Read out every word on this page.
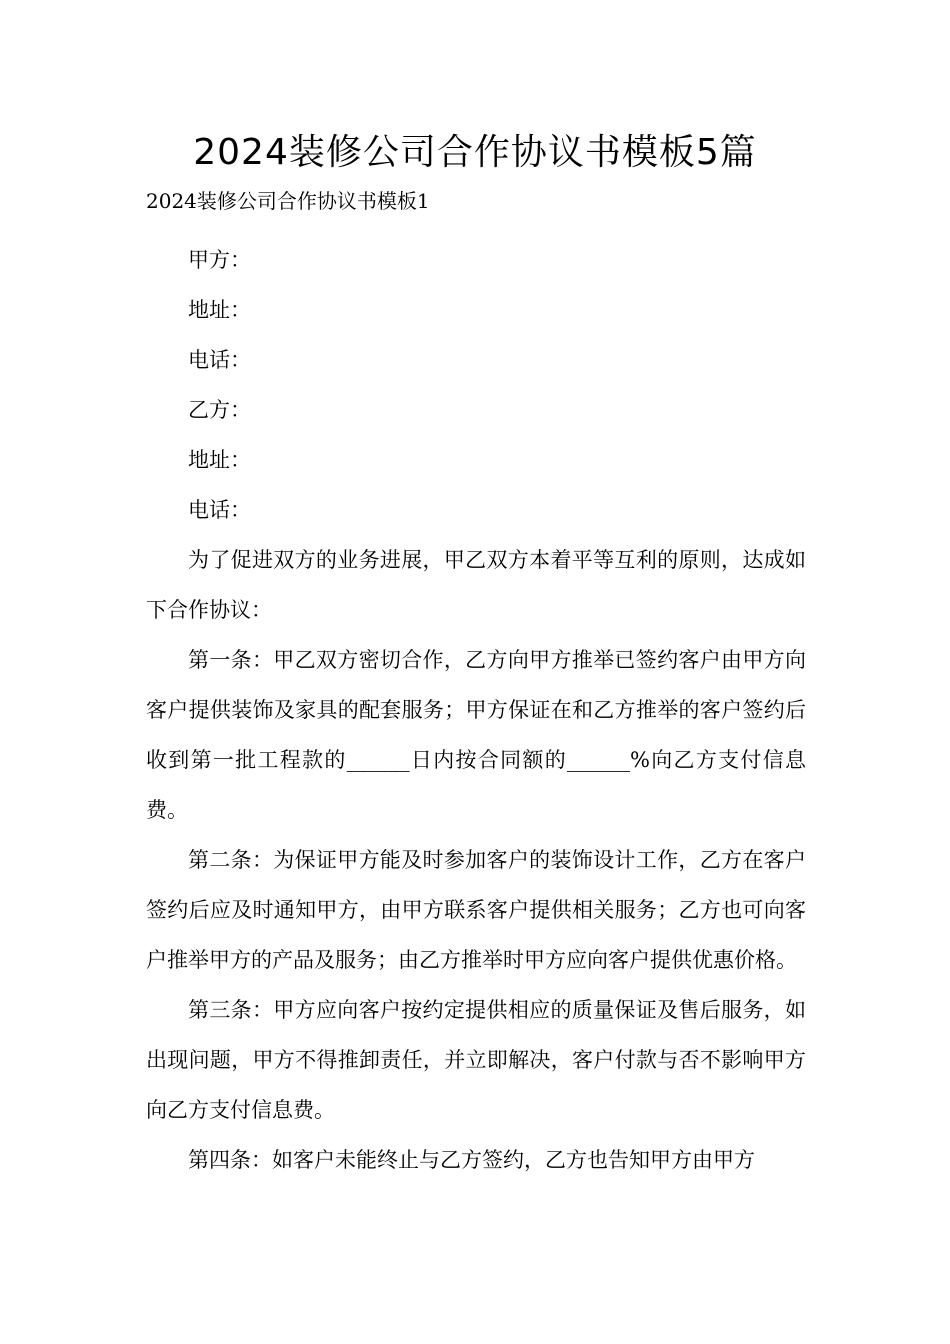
2024装修公司合作协议书模板5篇
2024装修公司合作协议书模板1

甲方：

地址：

电话：

乙方：

地址：

电话：

为了促进双方的业务进展，甲乙双方本着平等互利的原则，达成如下合作协议：

第一条：甲乙双方密切合作，乙方向甲方推举已签约客户由甲方向客户提供装饰及家具的配套服务；甲方保证在和乙方推举的客户签约后收到第一批工程款的______日内按合同额的______%向乙方支付信息费。

第二条：为保证甲方能及时参加客户的装饰设计工作，乙方在客户签约后应及时通知甲方，由甲方联系客户提供相关服务；乙方也可向客户推举甲方的产品及服务；由乙方推举时甲方应向客户提供优惠价格。

第三条：甲方应向客户按约定提供相应的质量保证及售后服务，如出现问题，甲方不得推卸责任，并立即解决，客户付款与否不影响甲方向乙方支付信息费。

第四条：如客户未能终止与乙方签约，乙方也告知甲方由甲方
